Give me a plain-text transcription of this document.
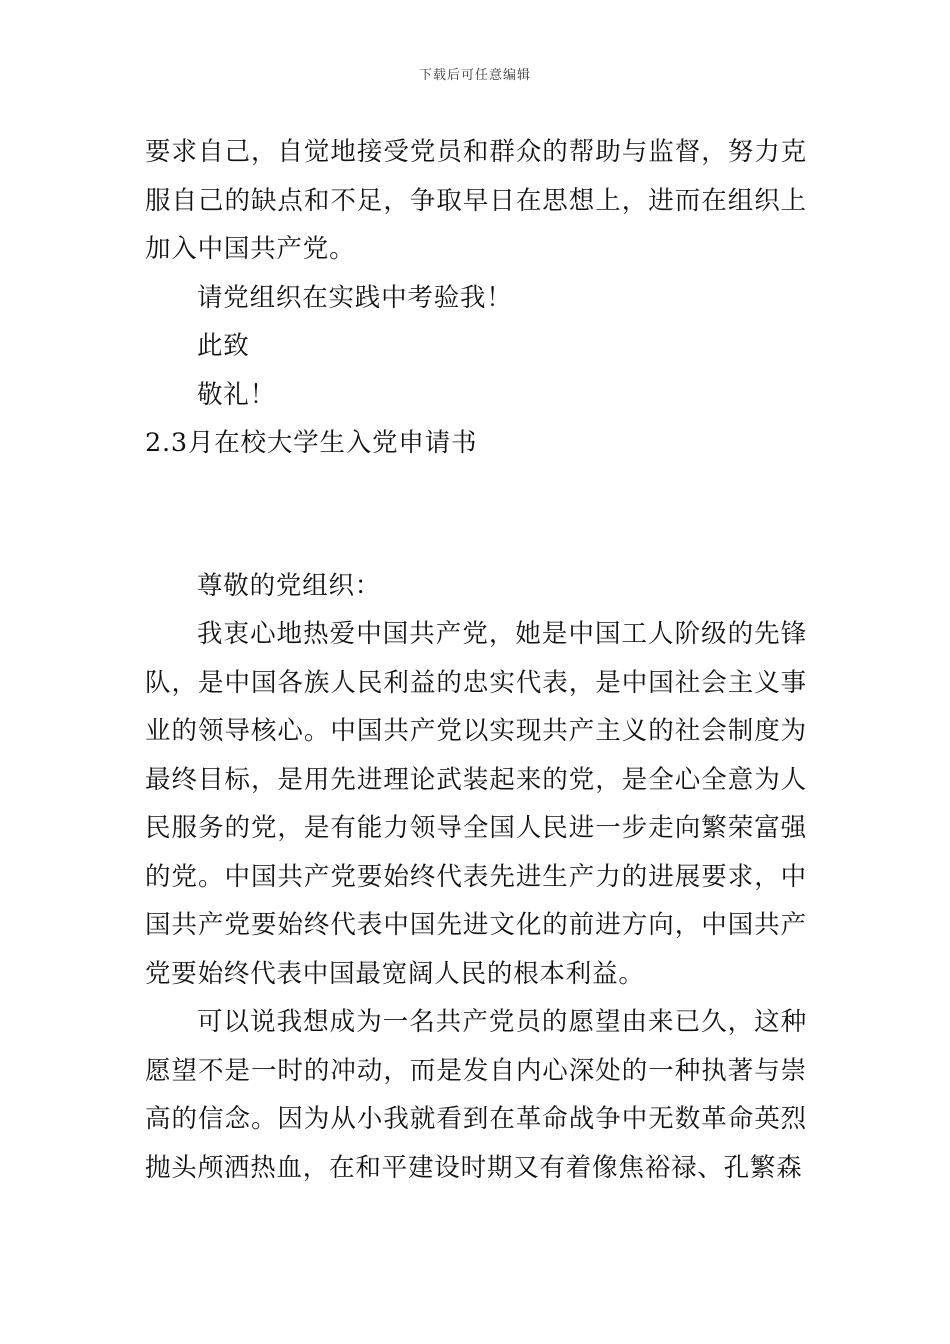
下载后可任意编辑

要求自己，自觉地接受党员和群众的帮助与监督，努力克服自己的缺点和不足，争取早日在思想上，进而在组织上加入中国共产党。

请党组织在实践中考验我！

此致

敬礼！

2.3月在校大学生入党申请书

尊敬的党组织：

我衷心地热爱中国共产党，她是中国工人阶级的先锋队，是中国各族人民利益的忠实代表，是中国社会主义事业的领导核心。中国共产党以实现共产主义的社会制度为最终目标，是用先进理论武装起来的党，是全心全意为人民服务的党，是有能力领导全国人民进一步走向繁荣富强的党。中国共产党要始终代表先进生产力的进展要求，中国共产党要始终代表中国先进文化的前进方向，中国共产党要始终代表中国最宽阔人民的根本利益。

可以说我想成为一名共产党员的愿望由来已久，这种愿望不是一时的冲动，而是发自内心深处的一种执著与崇高的信念。因为从小我就看到在革命战争中无数革命英烈抛头颅洒热血，在和平建设时期又有着像焦裕禄、孔繁森
